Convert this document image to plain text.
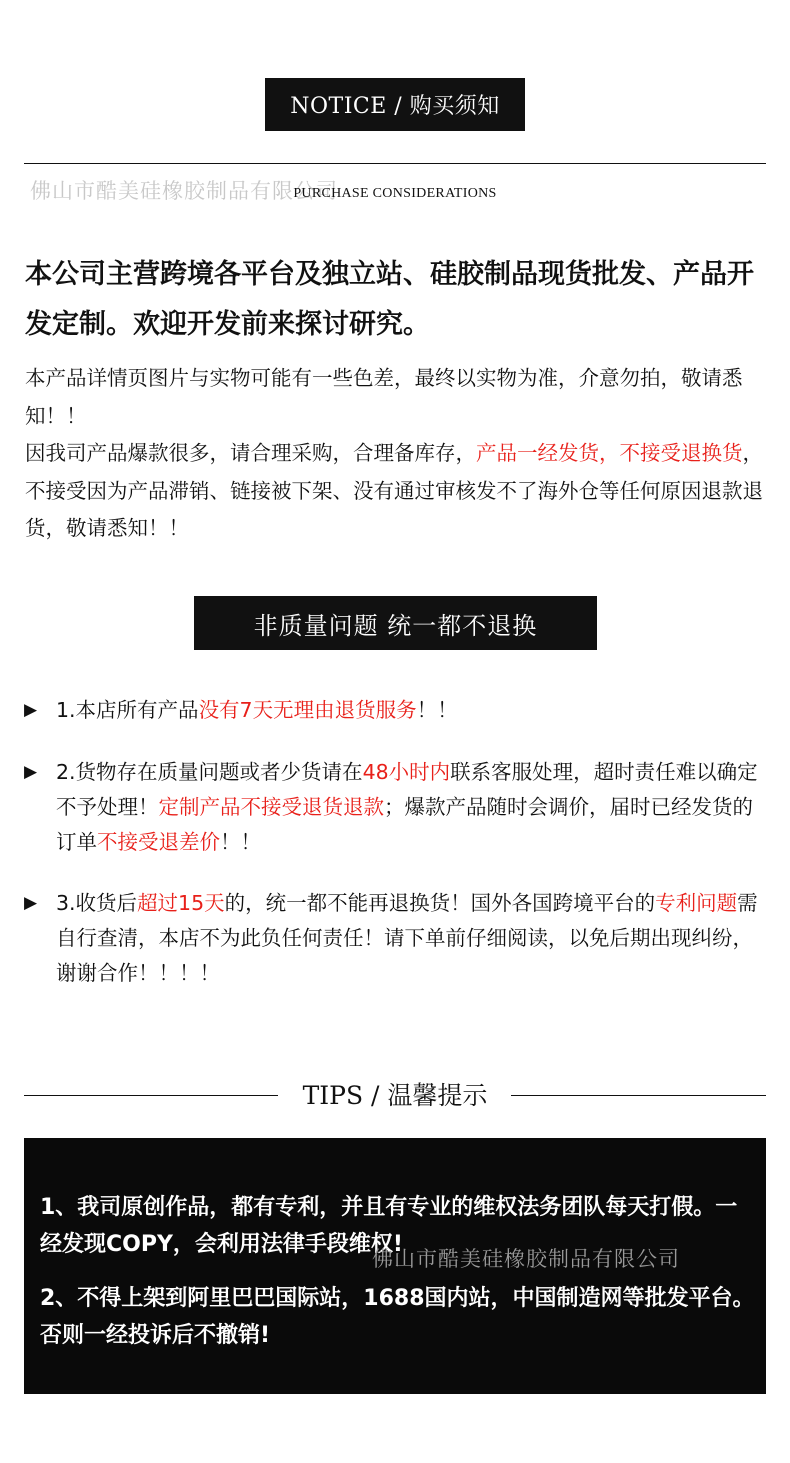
NOTICE / 购买须知
佛山市酷美硅橡胶制品有限公司
PURCHASE CONSIDERATIONS
本公司主营跨境各平台及独立站、硅胶制品现货批发、产品开发定制。欢迎开发前来探讨研究。

本产品详情页图片与实物可能有一些色差，最终以实物为准，介意勿拍，敬请悉知！！

因我司产品爆款很多，请合理采购，合理备库存，产品一经发货，不接受退换货，不接受因为产品滞销、链接被下架、没有通过审核发不了海外仓等任何原因退款退货，敬请悉知！！

非质量问题 统一都不退换
▶ 1.本店所有产品没有7天无理由退货服务！！
▶ 2.货物存在质量问题或者少货请在48小时内联系客服处理，超时责任难以确定不予处理！定制产品不接受退货退款；爆款产品随时会调价，届时已经发货的订单不接受退差价！！
▶ 3.收货后超过15天的，统一都不能再退换货！国外各国跨境平台的专利问题需自行查清，本店不为此负任何责任！请下单前仔细阅读，以免后期出现纠纷，谢谢合作！！！！
TIPS / 温馨提示
1、我司原创作品，都有专利，并且有专业的维权法务团队每天打假。一经发现COPY，会利用法律手段维权!
2、不得上架到阿里巴巴国际站，1688国内站，中国制造网等批发平台。否则一经投诉后不撤销!
佛山市酷美硅橡胶制品有限公司
